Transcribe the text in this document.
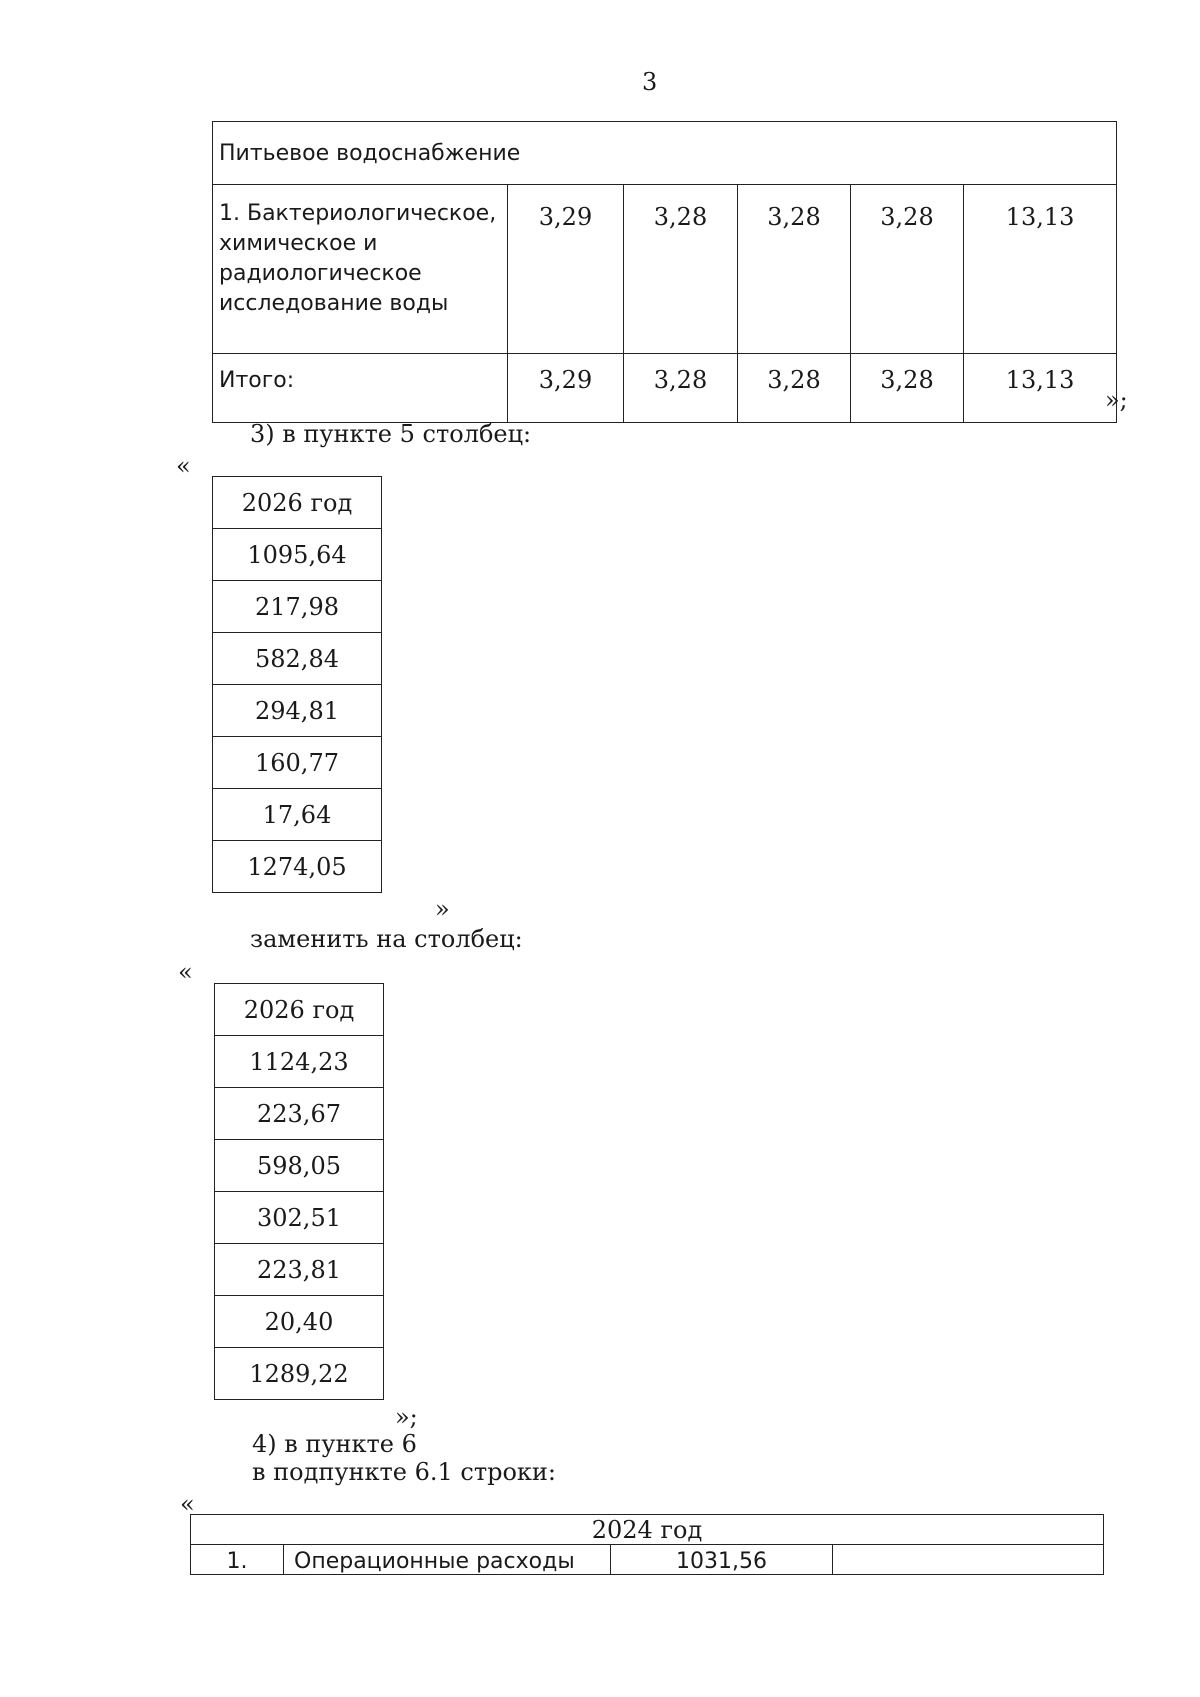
3
Питьевое водоснабжение					
1. Бактериологическое, химическое и радиологическое исследование воды	3,29	3,28	3,28	3,28	13,13
Итого:	3,29	3,28	3,28	3,28	13,13
»;
3) в пункте 5 столбец:
«
2026 год
1095,64
217,98
582,84
294,81
160,77
17,64
1274,05
»
заменить на столбец:
«
2026 год
1124,23
223,67
598,05
302,51
223,81
20,40
1289,22
»;
4) в пункте 6
в подпункте 6.1 строки:
«
2024 год
1.	Операционные расходы	1031,56	
